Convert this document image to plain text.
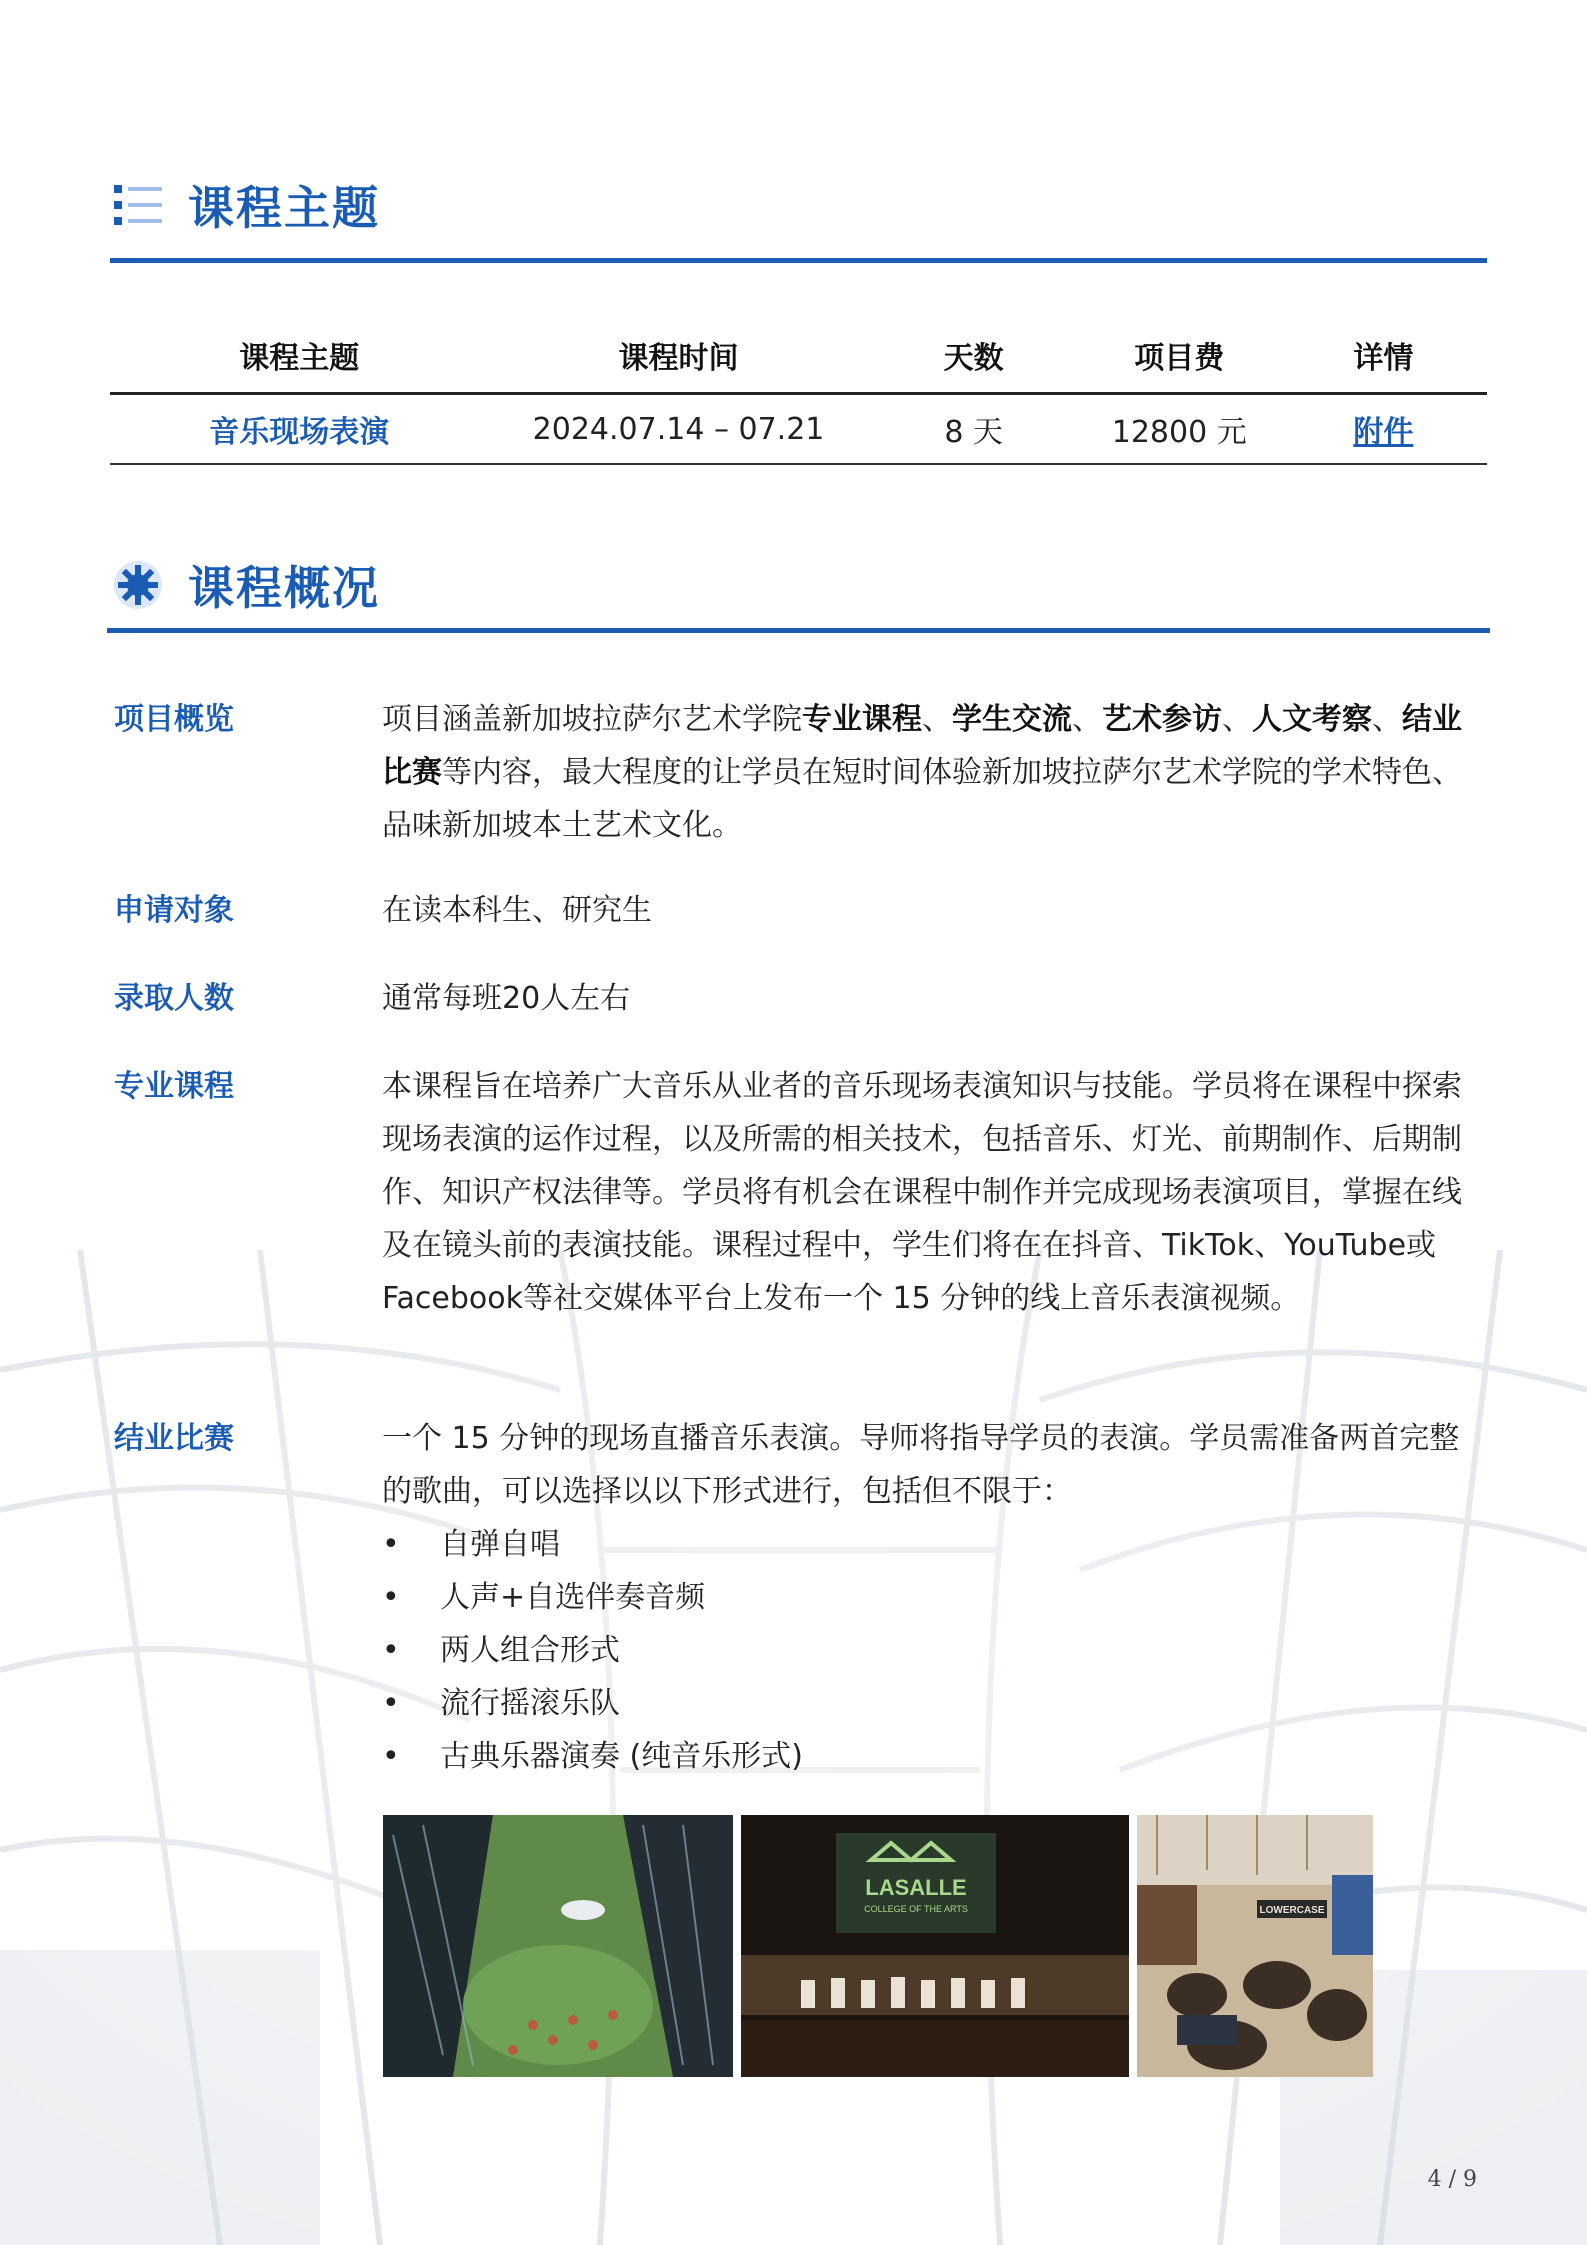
课程主题
课程主题	课程时间	天数	项目费	详情
音乐现场表演	2024.07.14 – 07.21	8 天	12800 元	附件
课程概况
项目概览	项目涵盖新加坡拉萨尔艺术学院专业课程、学生交流、艺术参访、人文考察、结业比赛等内容，最大程度的让学员在短时间体验新加坡拉萨尔艺术学院的学术特色、品味新加坡本土艺术文化。
申请对象	在读本科生、研究生
录取人数	通常每班20人左右
专业课程	本课程旨在培养广大音乐从业者的音乐现场表演知识与技能。学员将在课程中探索现场表演的运作过程，以及所需的相关技术，包括音乐、灯光、前期制作、后期制作、知识产权法律等。学员将有机会在课程中制作并完成现场表演项目，掌握在线及在镜头前的表演技能。课程过程中，学生们将在在抖音、TikTok、YouTube或Facebook等社交媒体平台上发布一个 15 分钟的线上音乐表演视频。
结业比赛	一个 15 分钟的现场直播音乐表演。导师将指导学员的表演。学员需准备两首完整的歌曲，可以选择以以下形式进行，包括但不限于：
•	自弹自唱
•	人声+自选伴奏音频
•	两人组合形式
•	流行摇滚乐队
•	古典乐器演奏 (纯音乐形式)
LASALLE
COLLEGE OF THE ARTS	LOWERCASE
4 / 9
